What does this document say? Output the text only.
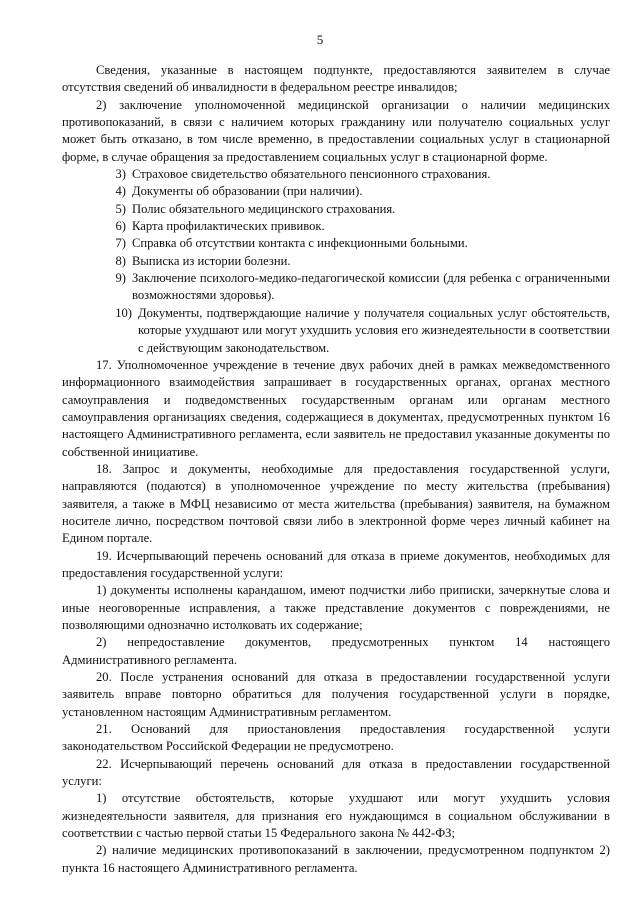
5

Сведения, указанные в настоящем подпункте, предоставляются заявителем в случае отсутствия сведений об инвалидности в федеральном реестре инвалидов;

2) заключение уполномоченной медицинской организации о наличии медицинских противопоказаний, в связи с наличием которых гражданину или получателю социальных услуг может быть отказано, в том числе временно, в предоставлении социальных услуг в стационарной форме, в случае обращения за предоставлением социальных услуг в стационарной форме.

3) Страховое свидетельство обязательного пенсионного страхования.
4) Документы об образовании (при наличии).
5) Полис обязательного медицинского страхования.
6) Карта профилактических прививок.
7) Справка об отсутствии контакта с инфекционными больными.
8) Выписка из истории болезни.
9) Заключение психолого-медико-педагогической комиссии (для ребенка с ограниченными возможностями здоровья).
10) Документы, подтверждающие наличие у получателя социальных услуг обстоятельств, которые ухудшают или могут ухудшить условия его жизнедеятельности в соответствии с действующим законодательством.

17. Уполномоченное учреждение в течение двух рабочих дней в рамках межведомственного информационного взаимодействия запрашивает в государственных органах, органах местного самоуправления и подведомственных государственным органам или органам местного самоуправления организациях сведения, содержащиеся в документах, предусмотренных пунктом 16 настоящего Административного регламента, если заявитель не предоставил указанные документы по собственной инициативе.

18. Запрос и документы, необходимые для предоставления государственной услуги, направляются (подаются) в уполномоченное учреждение по месту жительства (пребывания) заявителя, а также в МФЦ независимо от места жительства (пребывания) заявителя, на бумажном носителе лично, посредством почтовой связи либо в электронной форме через личный кабинет на Едином портале.

19. Исчерпывающий перечень оснований для отказа в приеме документов, необходимых для предоставления государственной услуги:

1) документы исполнены карандашом, имеют подчистки либо приписки, зачеркнутые слова и иные неоговоренные исправления, а также представление документов с повреждениями, не позволяющими однозначно истолковать их содержание;

2) непредоставление документов, предусмотренных пунктом 14 настоящего Административного регламента.

20. После устранения оснований для отказа в предоставлении государственной услуги заявитель вправе повторно обратиться для получения государственной услуги в порядке, установленном настоящим Административным регламентом.

21. Оснований для приостановления предоставления государственной услуги законодательством Российской Федерации не предусмотрено.

22. Исчерпывающий перечень оснований для отказа в предоставлении государственной услуги:

1) отсутствие обстоятельств, которые ухудшают или могут ухудшить условия жизнедеятельности заявителя, для признания его нуждающимся в социальном обслуживании в соответствии с частью первой статьи 15 Федерального закона № 442-ФЗ;

2) наличие медицинских противопоказаний в заключении, предусмотренном подпунктом 2) пункта 16 настоящего Административного регламента.
